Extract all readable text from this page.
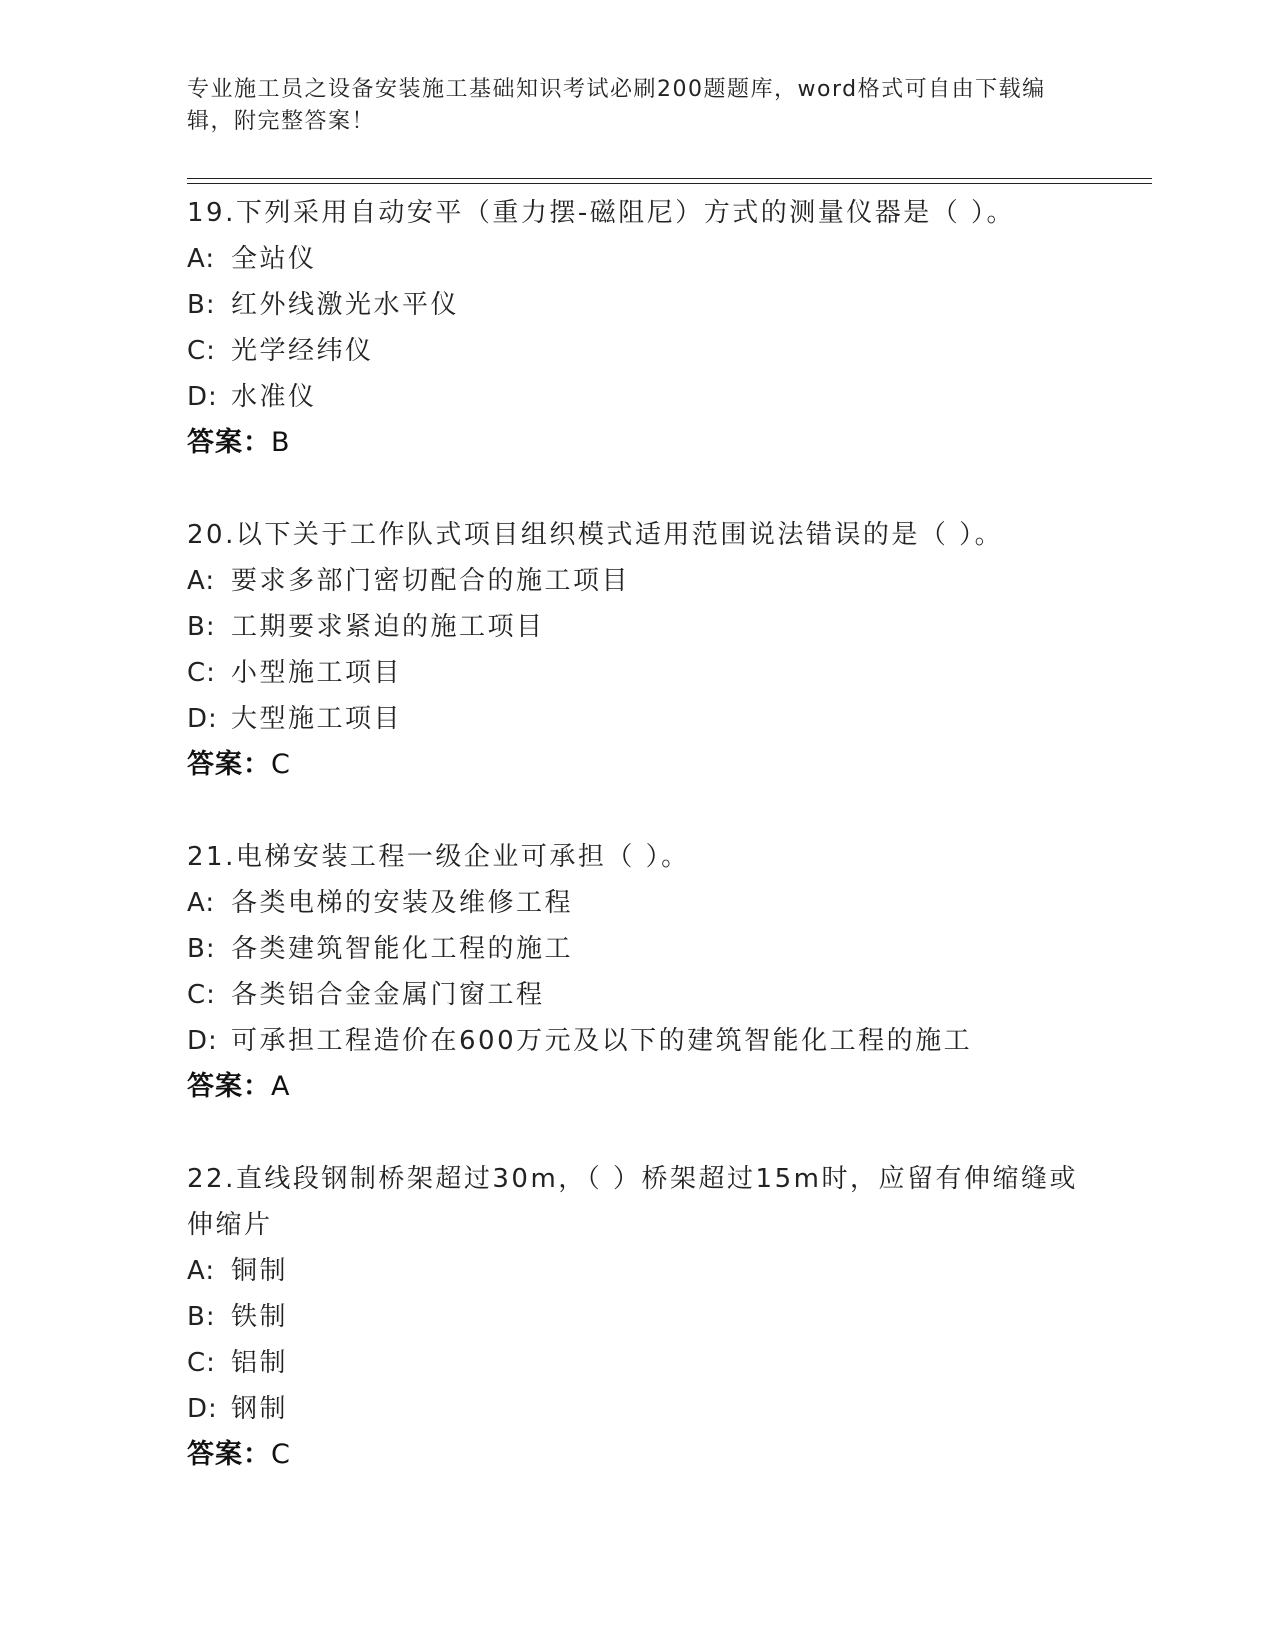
专业施工员之设备安装施工基础知识考试必刷200题题库，word格式可自由下载编辑，附完整答案！
19.下列采用自动安平（重力摆-磁阻尼）方式的测量仪器是（ ）。
A: 全站仪
B: 红外线激光水平仪
C: 光学经纬仪
D: 水准仪
答案：B
20.以下关于工作队式项目组织模式适用范围说法错误的是（ ）。
A: 要求多部门密切配合的施工项目
B: 工期要求紧迫的施工项目
C: 小型施工项目
D: 大型施工项目
答案：C
21.电梯安装工程一级企业可承担（ ）。
A: 各类电梯的安装及维修工程
B: 各类建筑智能化工程的施工
C: 各类铝合金金属门窗工程
D: 可承担工程造价在600万元及以下的建筑智能化工程的施工
答案：A
22.直线段钢制桥架超过30m，（ ）桥架超过15m时，应留有伸缩缝或伸缩片
A: 铜制
B: 铁制
C: 铝制
D: 钢制
答案：C
